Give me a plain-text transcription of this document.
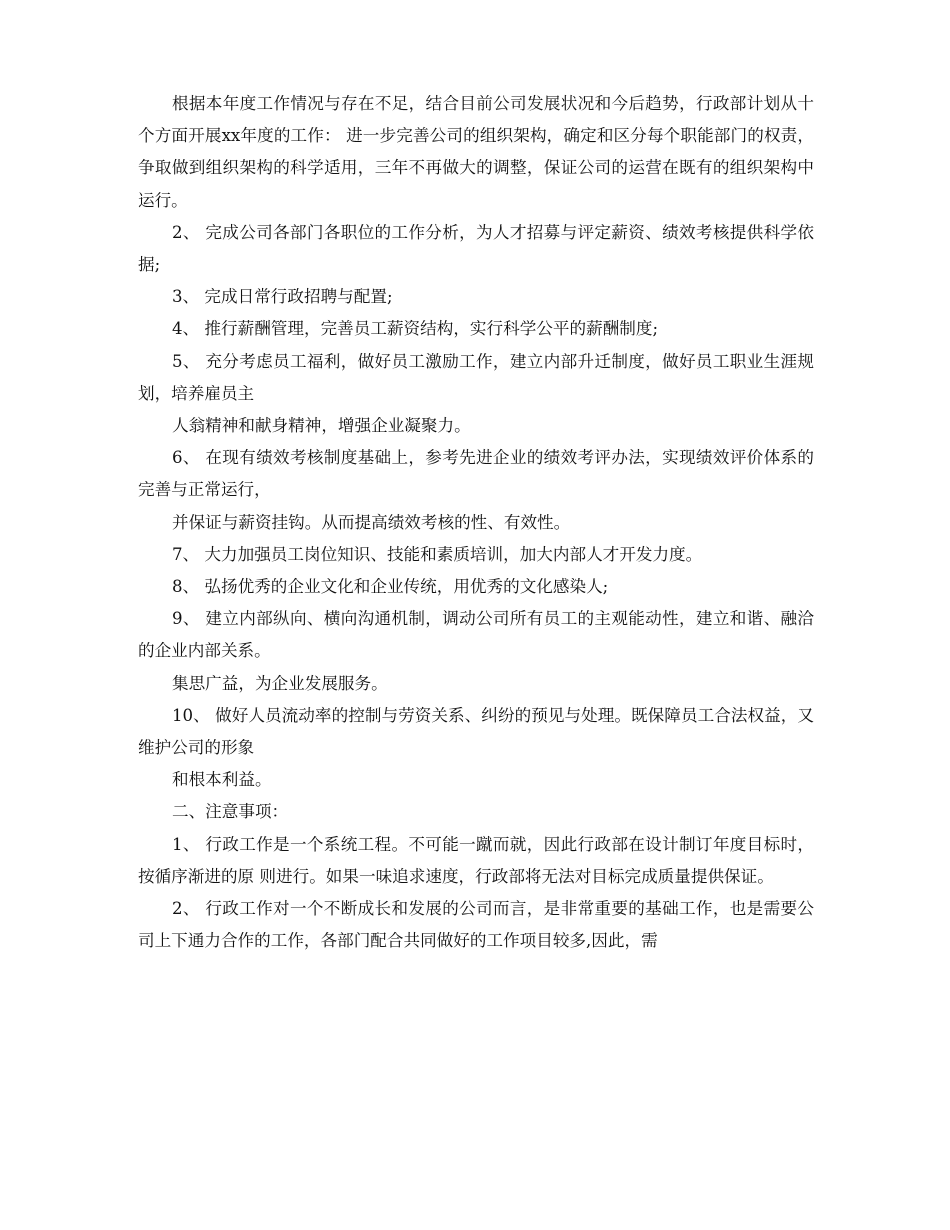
根据本年度工作情况与存在不足，结合目前公司发展状况和今后趋势，行政部计划从十个方面开展xx年度的工作： 进一步完善公司的组织架构，确定和区分每个职能部门的权责，争取做到组织架构的科学适用，三年不再做大的调整，保证公司的运营在既有的组织架构中运行。

2、 完成公司各部门各职位的工作分析，为人才招募与评定薪资、绩效考核提供科学依据;

3、 完成日常行政招聘与配置;

4、 推行薪酬管理，完善员工薪资结构，实行科学公平的薪酬制度;

5、 充分考虑员工福利，做好员工激励工作，建立内部升迁制度，做好员工职业生涯规划，培养雇员主

人翁精神和献身精神，增强企业凝聚力。

6、 在现有绩效考核制度基础上，参考先进企业的绩效考评办法，实现绩效评价体系的完善与正常运行，

并保证与薪资挂钩。从而提高绩效考核的性、有效性。

7、 大力加强员工岗位知识、技能和素质培训，加大内部人才开发力度。

8、 弘扬优秀的企业文化和企业传统，用优秀的文化感染人;

9、 建立内部纵向、横向沟通机制，调动公司所有员工的主观能动性，建立和谐、融洽的企业内部关系。

集思广益，为企业发展服务。

10、 做好人员流动率的控制与劳资关系、纠纷的预见与处理。既保障员工合法权益，又维护公司的形象

和根本利益。

二、注意事项：

1、 行政工作是一个系统工程。不可能一蹴而就，因此行政部在设计制订年度目标时，按循序渐进的原 则进行。如果一味追求速度，行政部将无法对目标完成质量提供保证。

2、 行政工作对一个不断成长和发展的公司而言，是非常重要的基础工作，也是需要公司上下通力合作的工作，各部门配合共同做好的工作项目较多,因此，需
